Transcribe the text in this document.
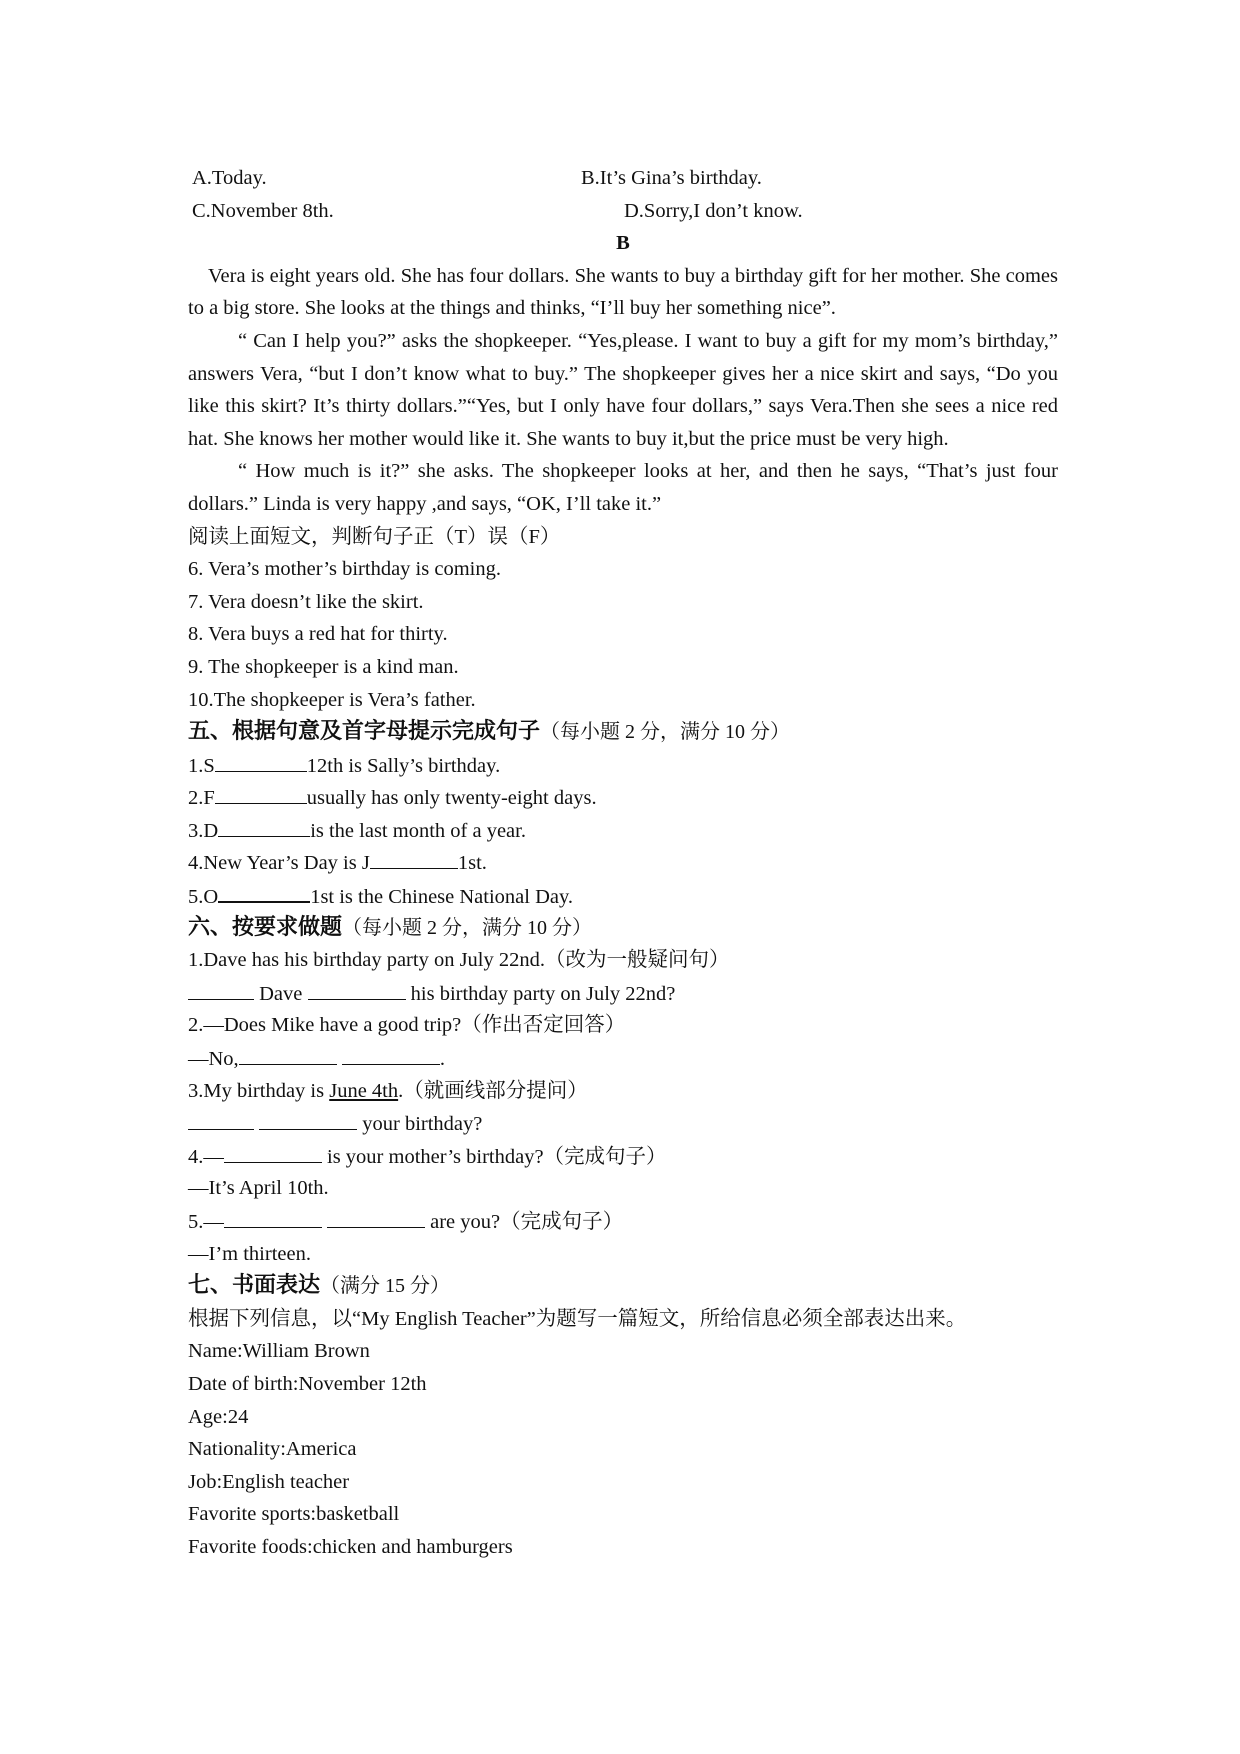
A.Today.	B.It’s Gina’s birthday.
C.November 8th.	D.Sorry,I don’t know.
B

Vera is eight years old. She has four dollars. She wants to buy a birthday gift for her mother. She comes to a big store. She looks at the things and thinks, “I’ll buy her something nice”.

“ Can I help you?” asks the shopkeeper. “Yes,please. I want to buy a gift for my mom’s birthday,” answers Vera, “but I don’t know what to buy.” The shopkeeper gives her a nice skirt and says, “Do you like this skirt? It’s thirty dollars.”“Yes, but I only have four dollars,” says Vera.Then she sees a nice red hat. She knows her mother would like it. She wants to buy it,but the price must be very high.

“ How much is it?” she asks. The shopkeeper looks at her, and then he says, “That’s just four dollars.” Linda is very happy ,and says, “OK, I’ll take it.”

阅读上面短文，判断句子正（T）误（F）
6. Vera’s mother’s birthday is coming.
7. Vera doesn’t like the skirt.
8. Vera buys a red hat for thirty.
9. The shopkeeper is a kind man.
10.The shopkeeper is Vera’s father.
五、根据句意及首字母提示完成句子（每小题 2 分，满分 10 分）
1.S	12th is Sally’s birthday.
2.F	usually has only twenty-eight days.
3.D	is the last month of a year.
4.New Year’s Day is J	1st.
5.O	1st is the Chinese National Day.
六、按要求做题（每小题 2 分，满分 10 分）
1.Dave has his birthday party on July 22nd.（改为一般疑问句）
Dave	his birthday party on July 22nd?
2.—Does Mike have a good trip?（作出否定回答）
—No,	.
3.My birthday is June 4th.（就画线部分提问）
your birthday?
4.—	is your mother’s birthday?（完成句子）
—It’s April 10th.
5.—	are you?（完成句子）
—I’m thirteen.
七、书面表达（满分 15 分）
根据下列信息，以“My English Teacher”为题写一篇短文，所给信息必须全部表达出来。
Name:William Brown
Date of birth:November 12th
Age:24
Nationality:America
Job:English teacher
Favorite sports:basketball
Favorite foods:chicken and hamburgers
